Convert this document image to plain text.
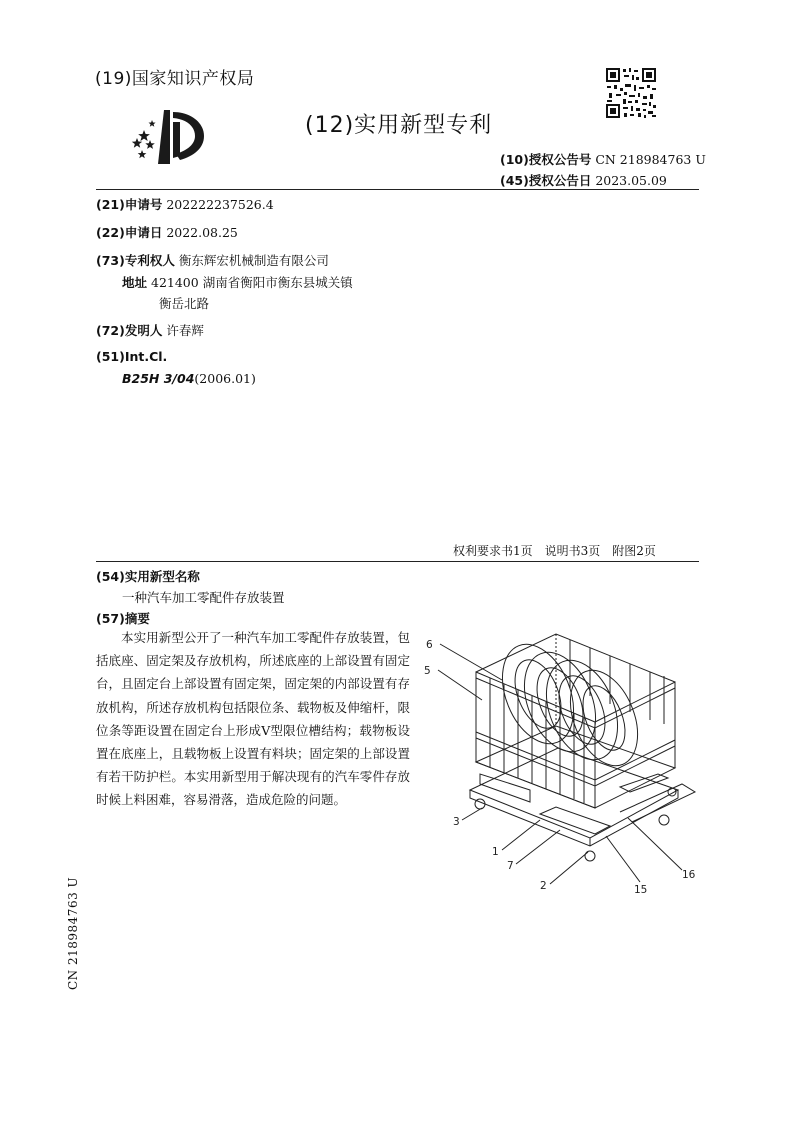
(19)国家知识产权局
(12)实用新型专利
(10)授权公告号 CN 218984763 U
(45)授权公告日 2023.05.09
(21)申请号 202222237526.4
(22)申请日 2022.08.25
(73)专利权人 衡东辉宏机械制造有限公司
地址 421400 湖南省衡阳市衡东县城关镇
衡岳北路
(72)发明人 许春辉
(51)Int.Cl.
B25H 3/04(2006.01)
权利要求书1页　说明书3页　附图2页
(54)实用新型名称
一种汽车加工零配件存放装置
(57)摘要
本实用新型公开了一种汽车加工零配件存放装置，包括底座、固定架及存放机构，所述底座的上部设置有固定台，且固定台上部设置有固定架，固定架的内部设置有存放机构，所述存放机构包括限位条、载物板及伸缩杆，限位条等距设置在固定台上形成V型限位槽结构；载物板设置在底座上，且载物板上设置有料块；固定架的上部设置有若干防护栏。本实用新型用于解决现有的汽车零件存放时候上料困难，容易滑落，造成危险的问题。
6
5
3
1
7
2	15
16
CN 218984763 U
